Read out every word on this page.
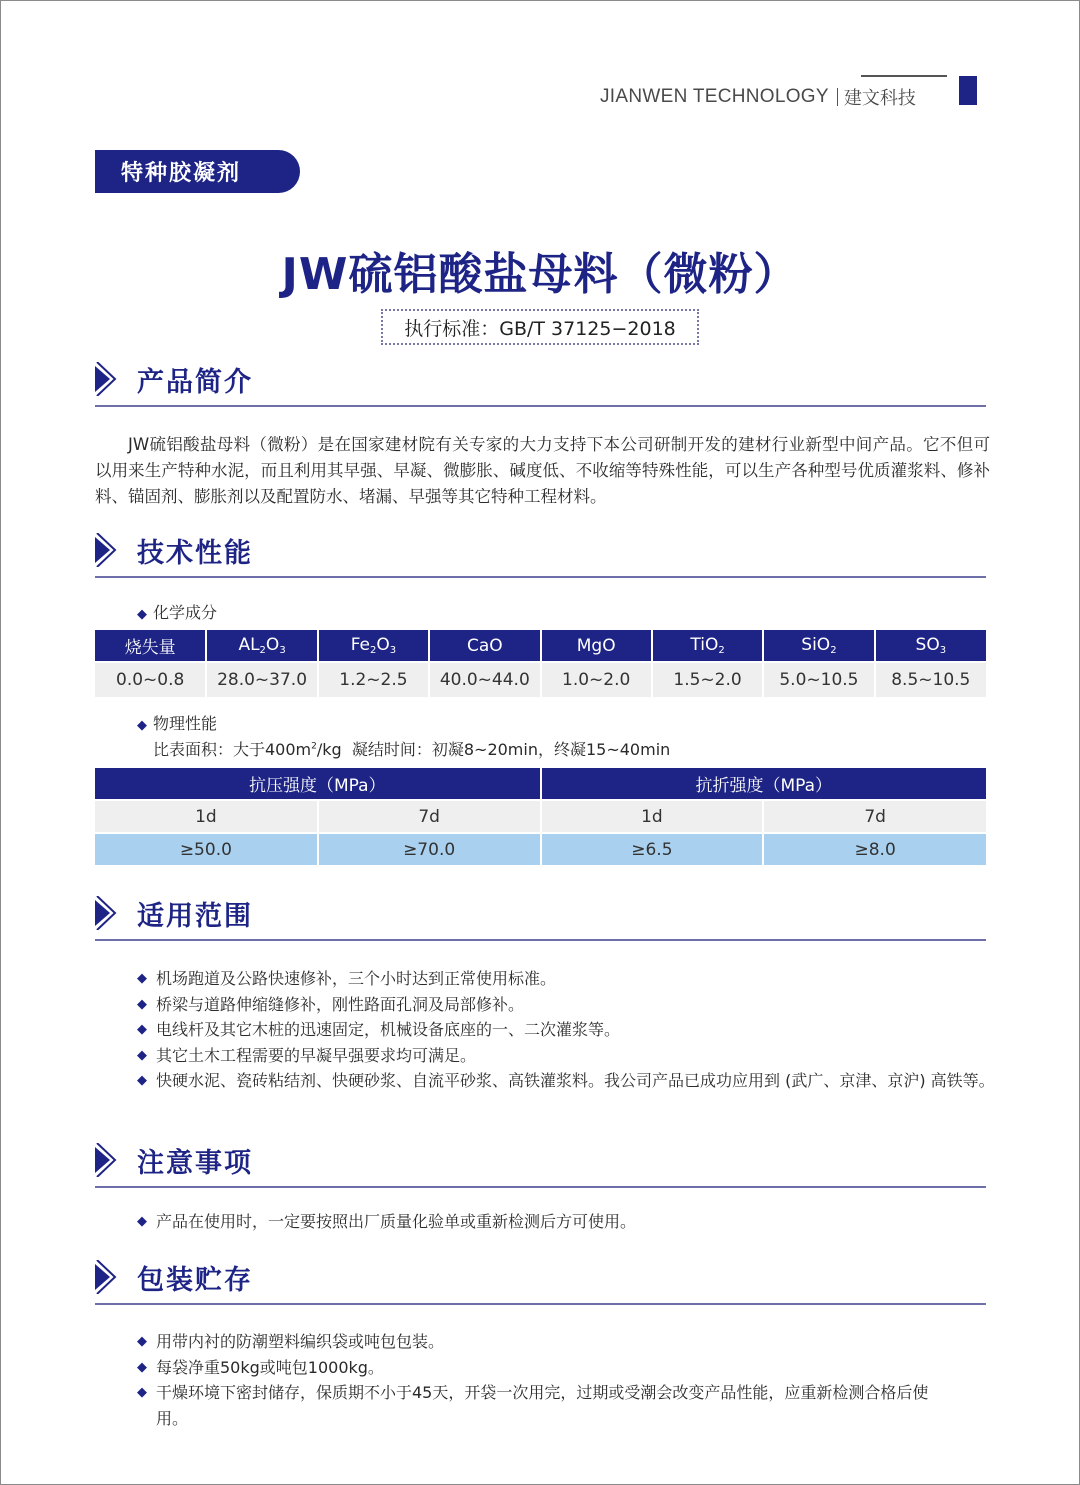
JIANWEN TECHNOLOGY 建文科技
特种胶凝剂
JW硫铝酸盐母料（微粉）
执行标准：GB/T 37125−2018
产品简介
JW硫铝酸盐母料（微粉）是在国家建材院有关专家的大力支持下本公司研制开发的建材行业新型中间产品。它不但可以用来生产特种水泥，而且利用其早强、早凝、微膨胀、碱度低、不收缩等特殊性能，可以生产各种型号优质灌浆料、修补料、锚固剂、膨胀剂以及配置防水、堵漏、早强等其它特种工程材料。
技术性能
◆ 化学成分
烧失量	$AL_2O_3$	$Fe_2O_3$	CaO	MgO	TiO$_2$	SiO$_2$	$SO_3$
0.0~0.8	28.0~37.0	1.2~2.5	40.0~44.0	1.0~2.0	1.5~2.0	5.0~10.5	8.5~10.5
◆ 物理性能
比表面积：大于$400m^2/kg$  凝结时间：初凝8~20min，终凝15~40min
抗压强度（MPa）		抗折强度（MPa）	
1d	7d	1d	7d
≥50.0	≥70.0	≥6.5	≥8.0
适用范围
◆ 机场跑道及公路快速修补，三个小时达到正常使用标准。
◆ 桥梁与道路伸缩缝修补，刚性路面孔洞及局部修补。
◆ 电线杆及其它木桩的迅速固定，机械设备底座的一、二次灌浆等。
◆ 其它土木工程需要的早凝早强要求均可满足。
◆ 快硬水泥、瓷砖粘结剂、快硬砂浆、自流平砂浆、高铁灌浆料。我公司产品已成功应用到 (武广、京津、京沪) 高铁等。
注意事项
◆ 产品在使用时，一定要按照出厂质量化验单或重新检测后方可使用。
包装贮存
◆ 用带内衬的防潮塑料编织袋或吨包包装。
◆ 每袋净重50kg或吨包1000kg。
◆ 干燥环境下密封储存，保质期不小于45天，开袋一次用完，过期或受潮会改变产品性能，应重新检测合格后使用。
